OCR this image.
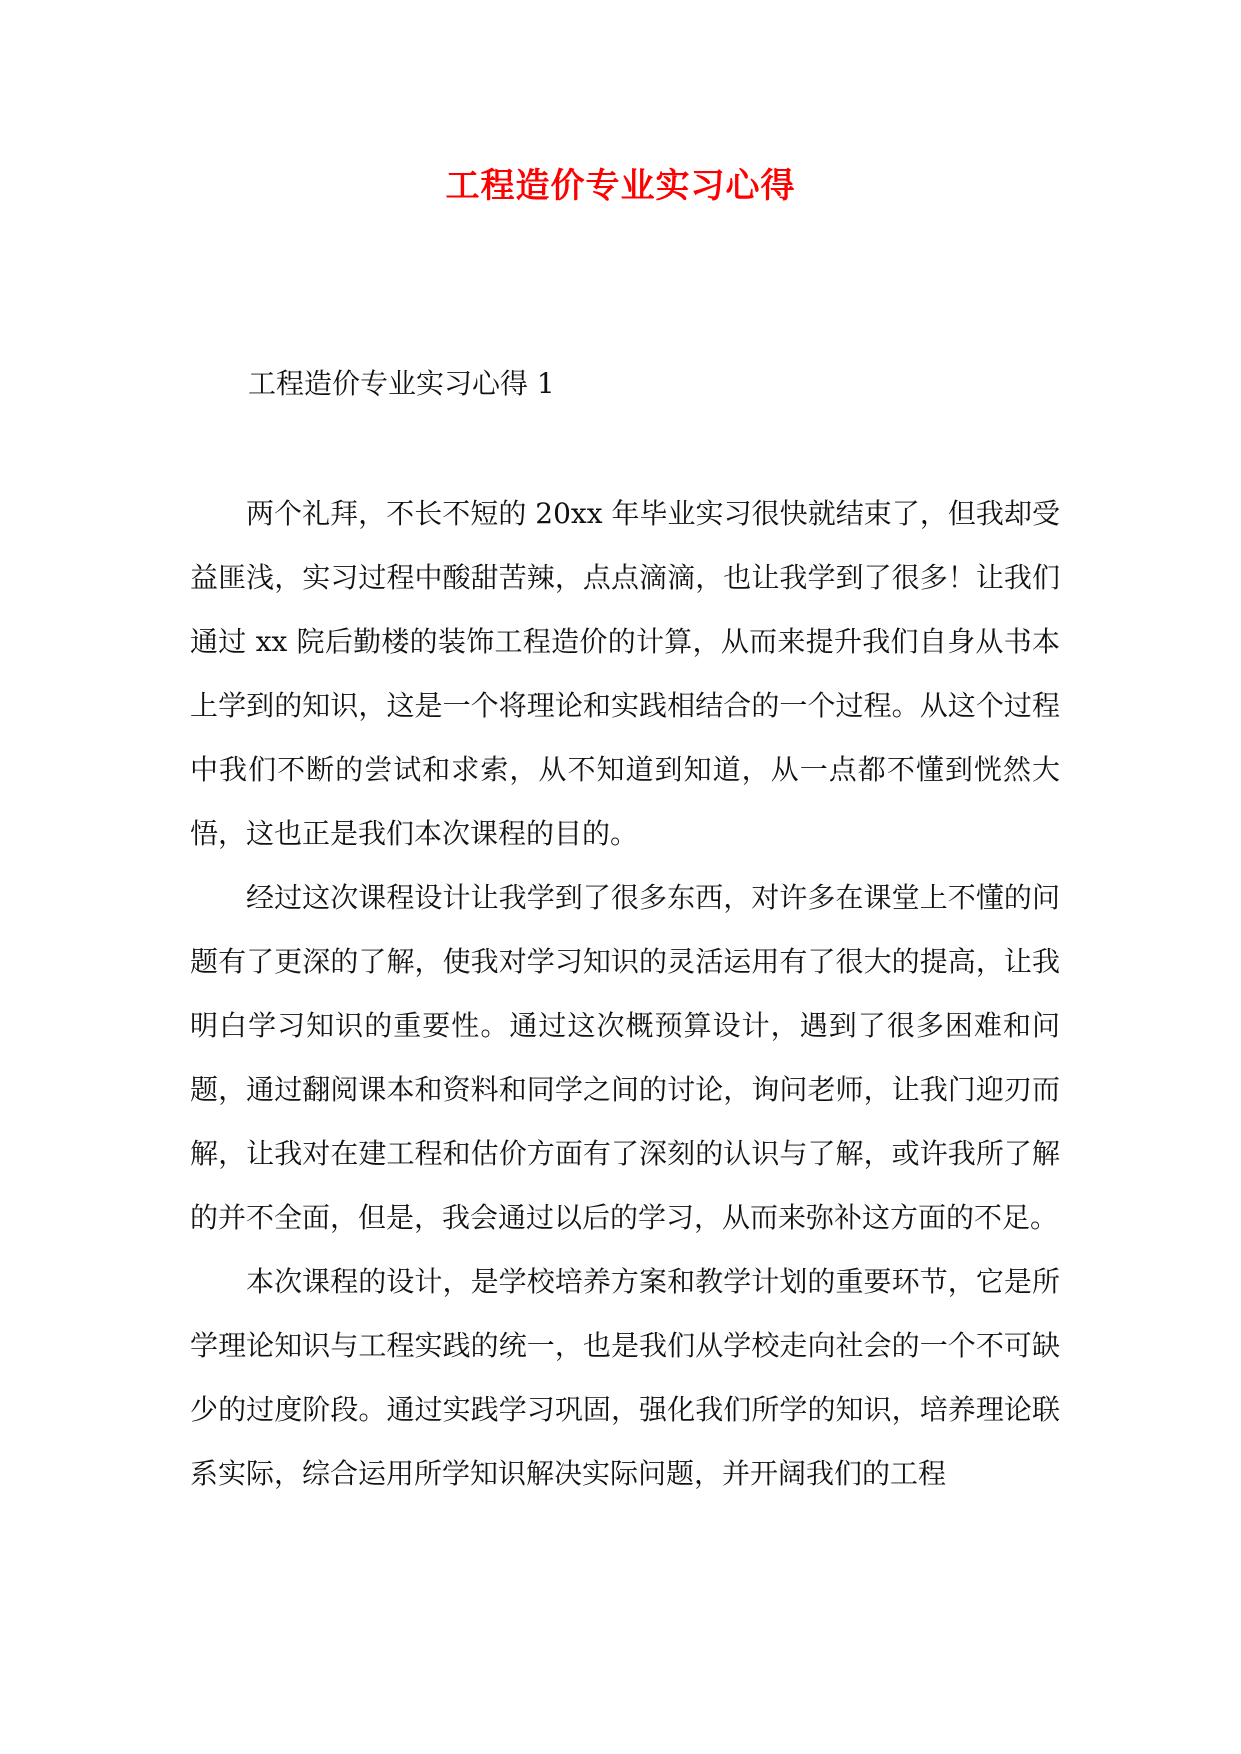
工程造价专业实习心得
工程造价专业实习心得 1

两个礼拜，不长不短的 20xx 年毕业实习很快就结束了，但我却受益匪浅，实习过程中酸甜苦辣，点点滴滴，也让我学到了很多！让我们通过 xx 院后勤楼的装饰工程造价的计算，从而来提升我们自身从书本上学到的知识，这是一个将理论和实践相结合的一个过程。从这个过程中我们不断的尝试和求索，从不知道到知道，从一点都不懂到恍然大悟，这也正是我们本次课程的目的。

经过这次课程设计让我学到了很多东西，对许多在课堂上不懂的问题有了更深的了解，使我对学习知识的灵活运用有了很大的提高，让我明白学习知识的重要性。通过这次概预算设计，遇到了很多困难和问题，通过翻阅课本和资料和同学之间的讨论，询问老师，让我门迎刃而解，让我对在建工程和估价方面有了深刻的认识与了解，或许我所了解的并不全面，但是，我会通过以后的学习，从而来弥补这方面的不足。

本次课程的设计，是学校培养方案和教学计划的重要环节，它是所学理论知识与工程实践的统一，也是我们从学校走向社会的一个不可缺少的过度阶段。通过实践学习巩固，强化我们所学的知识，培养理论联系实际，综合运用所学知识解决实际问题，并开阔我们的工程
